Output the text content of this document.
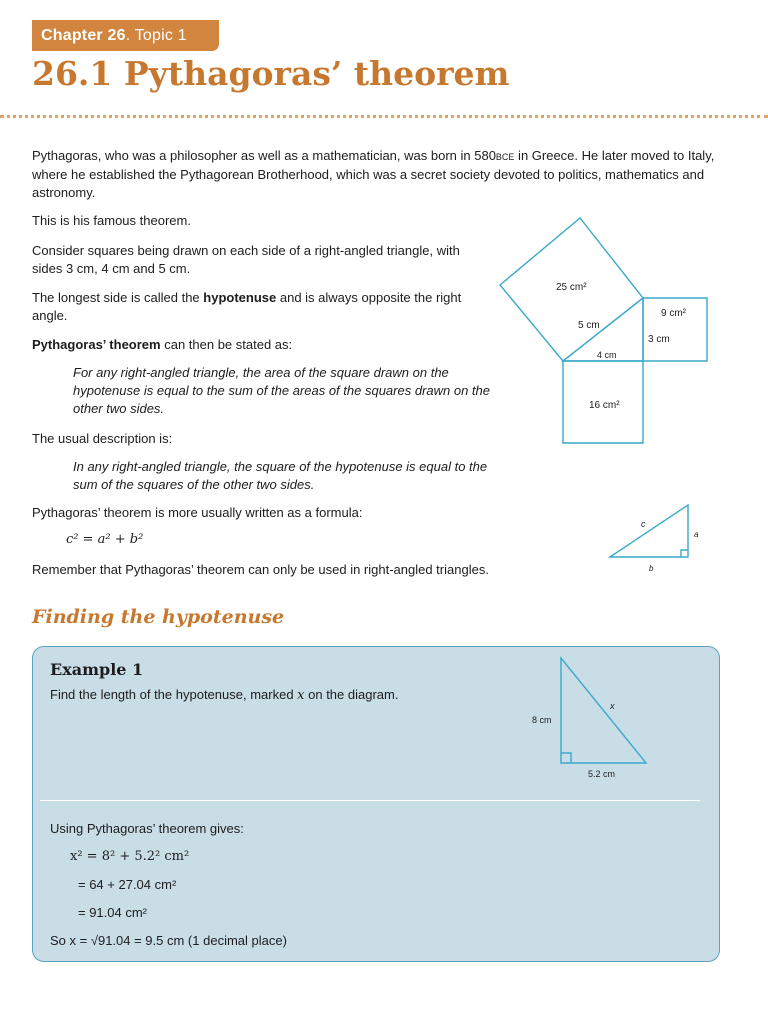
Chapter 26. Topic 1
26.1 Pythagoras’ theorem

Pythagoras, who was a philosopher as well as a mathematician, was born in 580BCE in Greece. He later moved to Italy, where he established the Pythagorean Brotherhood, which was a secret society devoted to politics, mathematics and astronomy.

This is his famous theorem.

Consider squares being drawn on each side of a right-angled triangle, with sides 3 cm, 4 cm and 5 cm.

The longest side is called the hypotenuse and is always opposite the right angle.

Pythagoras’ theorem can then be stated as:

For any right-angled triangle, the area of the square drawn on the hypotenuse is equal to the sum of the areas of the squares drawn on the other two sides.

The usual description is:

In any right-angled triangle, the square of the hypotenuse is equal to the sum of the squares of the other two sides.

Pythagoras’ theorem is more usually written as a formula:

c² = a² + b²

Remember that Pythagoras’ theorem can only be used in right-angled triangles.

25 cm²
5 cm
9 cm²
3 cm
4 cm
16 cm²
c
a
b
Finding the hypotenuse
Example 1

Find the length of the hypotenuse, marked x on the diagram.

8 cm
x
5.2 cm

Using Pythagoras’ theorem gives:

x² = 8² + 5.2² cm²

= 64 + 27.04 cm²

= 91.04 cm²

So x = √91.04 = 9.5 cm (1 decimal place)
